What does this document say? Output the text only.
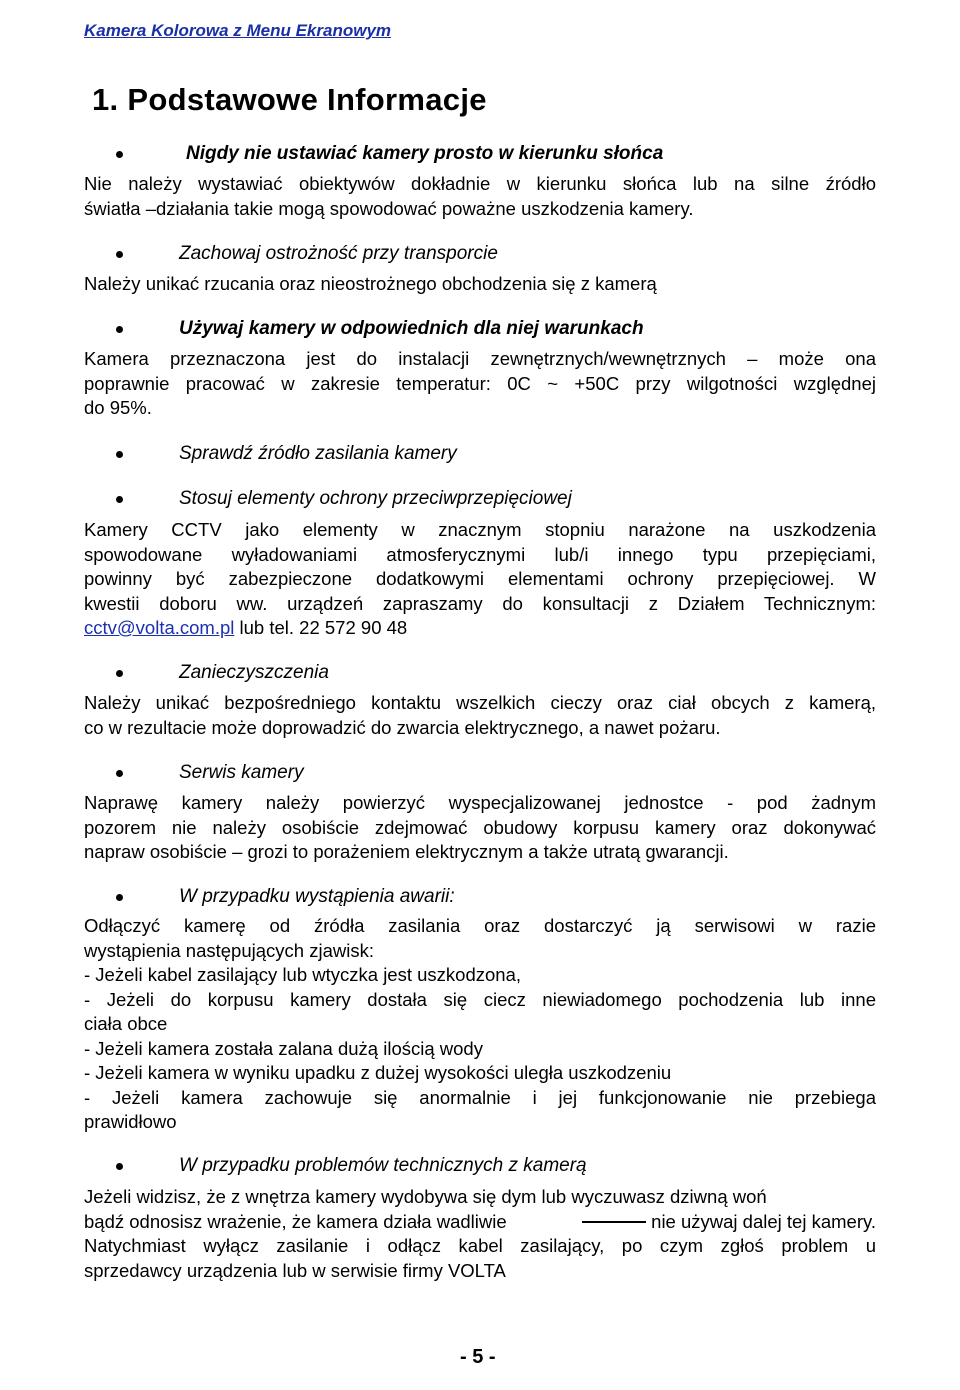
Kamera Kolorowa z Menu Ekranowym
1. Podstawowe Informacje
Nigdy nie ustawiać kamery prosto w kierunku słońca
Nie należy wystawiać obiektywów dokładnie w kierunku słońca lub na silne źródło
światła –działania takie mogą spowodować poważne uszkodzenia kamery.
Zachowaj ostrożność przy transporcie
Należy unikać rzucania oraz nieostrożnego obchodzenia się z kamerą
Używaj kamery w odpowiednich dla niej warunkach
Kamera przeznaczona jest do instalacji zewnętrznych/wewnętrznych – może ona
poprawnie pracować w zakresie temperatur: 0C ~ +50C przy wilgotności względnej
do 95%.
Sprawdź źródło zasilania kamery
Stosuj elementy ochrony przeciwprzepięciowej
Kamery CCTV jako elementy w znacznym stopniu narażone na uszkodzenia
spowodowane wyładowaniami atmosferycznymi lub/i innego typu przepięciami,
powinny być zabezpieczone dodatkowymi elementami ochrony przepięciowej. W
kwestii doboru ww. urządzeń zapraszamy do konsultacji z Działem Technicznym:
cctv@volta.com.pl lub tel. 22 572 90 48
Zanieczyszczenia
Należy unikać bezpośredniego kontaktu wszelkich cieczy oraz ciał obcych z kamerą,
co w rezultacie może doprowadzić do zwarcia elektrycznego, a nawet pożaru.
Serwis kamery
Naprawę kamery należy powierzyć wyspecjalizowanej jednostce - pod żadnym
pozorem nie należy osobiście zdejmować obudowy korpusu kamery oraz dokonywać
napraw osobiście – grozi to porażeniem elektrycznym a także utratą gwarancji.
W przypadku wystąpienia awarii:
Odłączyć kamerę od źródła zasilania oraz dostarczyć ją serwisowi w razie
wystąpienia następujących zjawisk:
- Jeżeli kabel zasilający lub wtyczka jest uszkodzona,
- Jeżeli do korpusu kamery dostała się ciecz niewiadomego pochodzenia lub inne
ciała obce
- Jeżeli kamera została zalana dużą ilością wody
- Jeżeli kamera w wyniku upadku z dużej wysokości uległa uszkodzeniu
- Jeżeli kamera zachowuje się anormalnie i jej funkcjonowanie nie przebiega
prawidłowo
W przypadku problemów technicznych z kamerą
Jeżeli widzisz, że z wnętrza kamery wydobywa się dym lub wyczuwasz dziwną woń
bądź odnosisz wrażenie, że kamera działa wadliwie	nie używaj dalej tej kamery.
Natychmiast wyłącz zasilanie i odłącz kabel zasilający, po czym zgłoś problem u
sprzedawcy urządzenia lub w serwisie firmy VOLTA
- 5 -
